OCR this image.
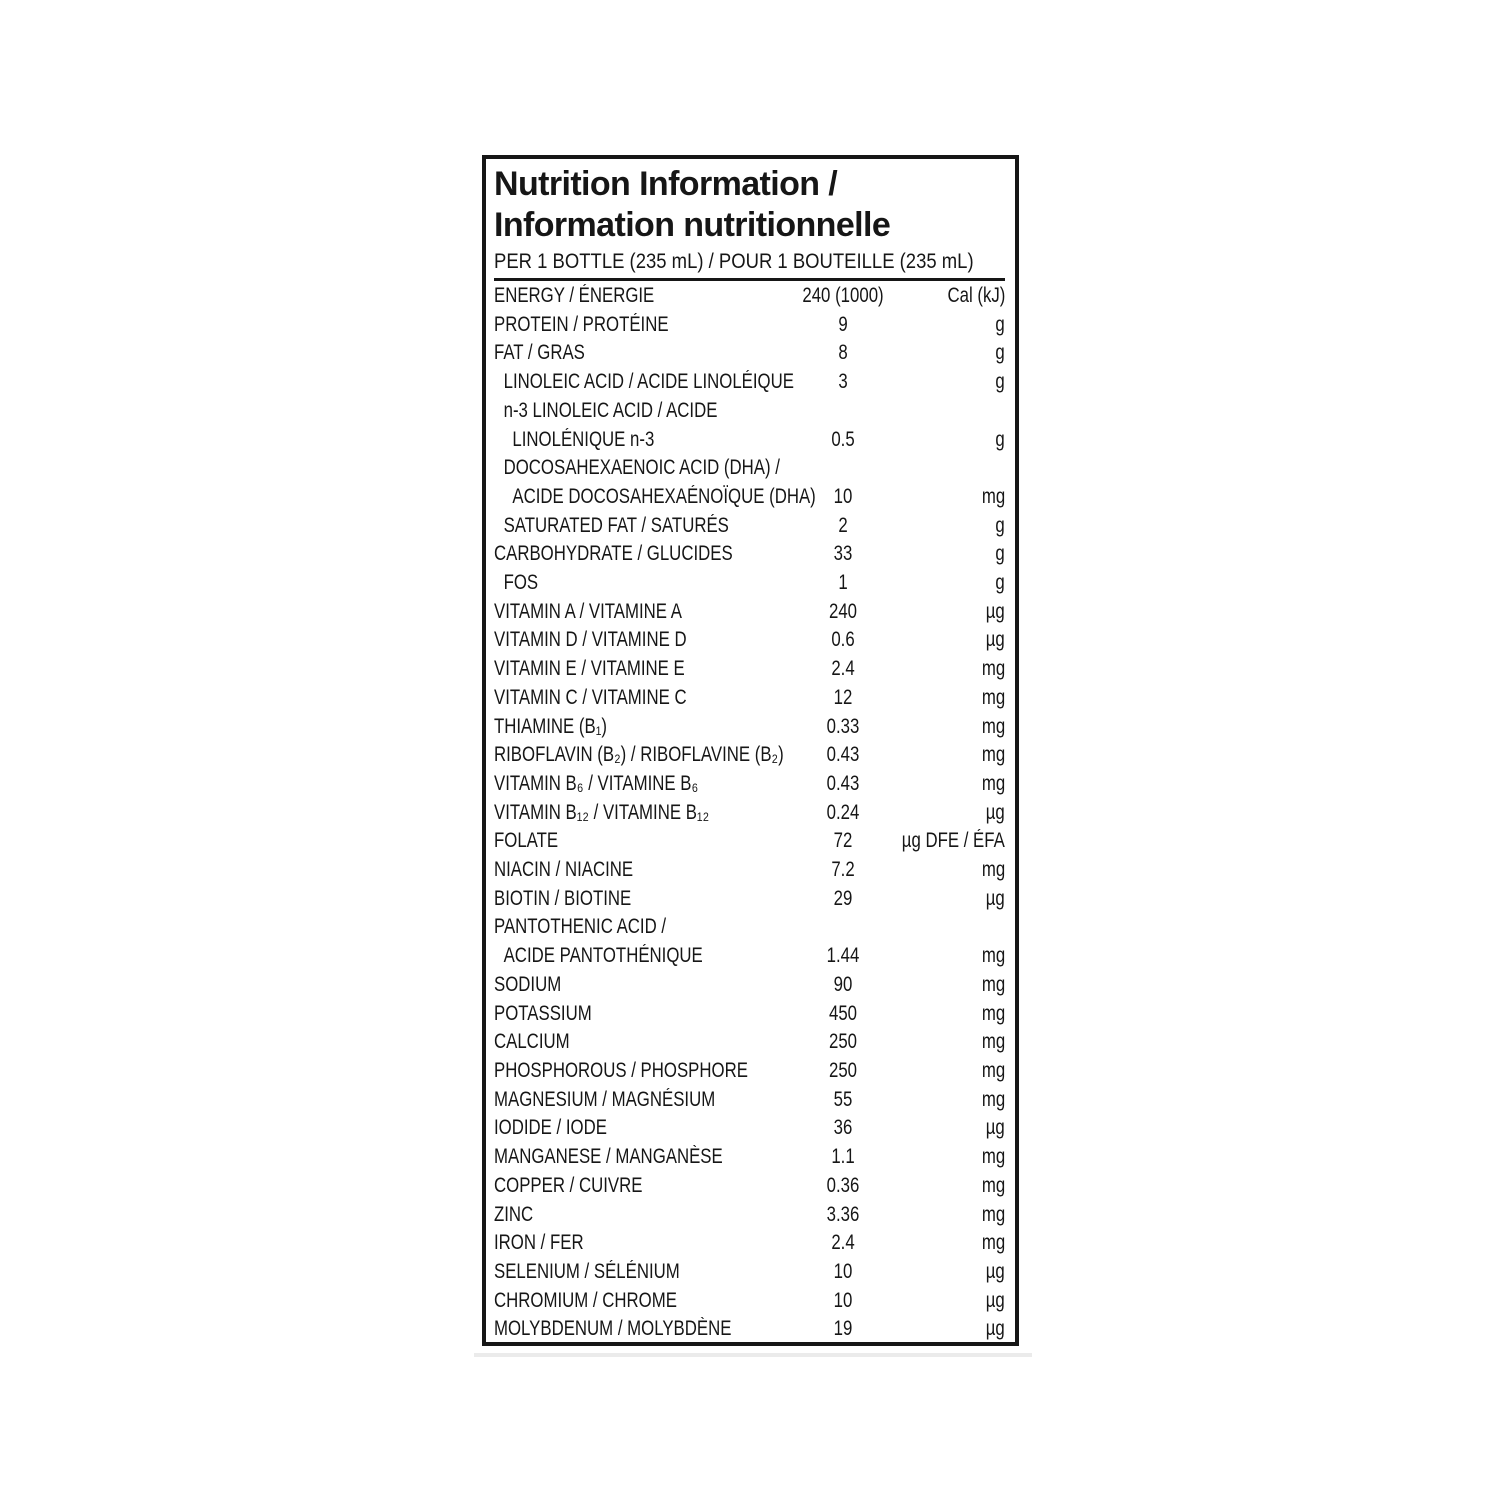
Nutrition Information /
Information nutritionnelle
PER 1 BOTTLE (235 mL) / POUR 1 BOUTEILLE (235 mL)
ENERGY / ÉNERGIE	240 (1000)	Cal (kJ)
PROTEIN / PROTÉINE	9	g
FAT / GRAS	8	g
LINOLEIC ACID / ACIDE LINOLÉIQUE 3	g
n-3 LINOLEIC ACID / ACIDE
LINOLÉNIQUE n-3	0.5	g
DOCOSAHEXAENOIC ACID (DHA) /
ACIDE DOCOSAHEXAÉNOÏQUE (DHA) 10	mg
SATURATED FAT / SATURÉS	2	g
CARBOHYDRATE / GLUCIDES	33	g
FOS	1	g
VITAMIN A / VITAMINE A	240	µg
VITAMIN D / VITAMINE D	0.6	µg
VITAMIN E / VITAMINE E	2.4	mg
VITAMIN C / VITAMINE C	12	mg
THIAMINE (B₁)	0.33	mg
RIBOFLAVIN (B₂) / RIBOFLAVINE (B₂) 0.43	mg
VITAMIN B₆ / VITAMINE B₆	0.43	mg
VITAMIN B₁₂ / VITAMINE B₁₂	0.24	µg
FOLATE	72 µg DFE / ÉFA
NIACIN / NIACINE	7.2	mg
BIOTIN / BIOTINE	29	µg
PANTOTHENIC ACID /
ACIDE PANTOTHÉNIQUE	1.44	mg
SODIUM	90	mg
POTASSIUM	450	mg
CALCIUM	250	mg
PHOSPHOROUS / PHOSPHORE	250	mg
MAGNESIUM / MAGNÉSIUM	55	mg
IODIDE / IODE	36	µg
MANGANESE / MANGANÈSE	1.1	mg
COPPER / CUIVRE	0.36	mg
ZINC	3.36	mg
IRON / FER	2.4	mg
SELENIUM / SÉLÉNIUM	10	µg
CHROMIUM / CHROME	10	µg
MOLYBDENUM / MOLYBDÈNE	19	µg
